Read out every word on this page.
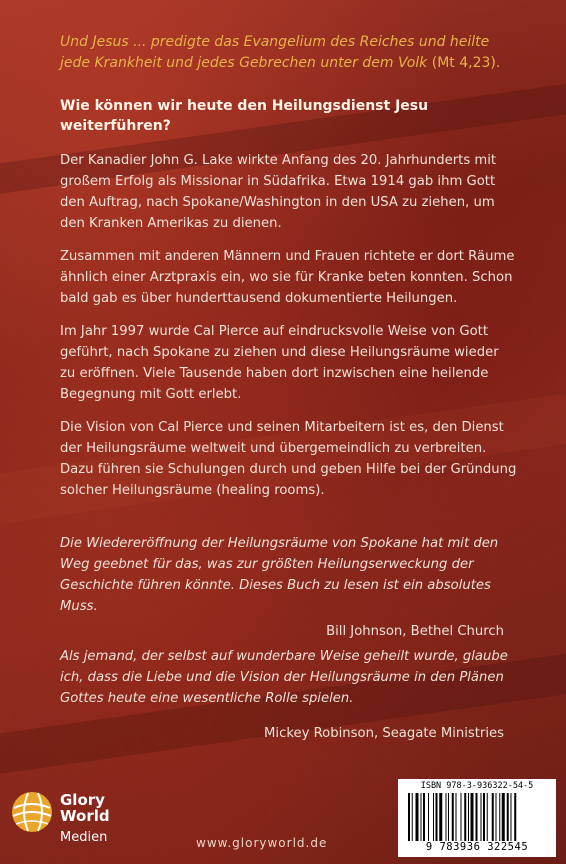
Und Jesus ... predigte das Evangelium des Reiches und heilte
jede Krankheit und jedes Gebrechen unter dem Volk (Mt 4,23).

Wie können wir heute den Heilungsdienst Jesu weiterführen?

Der Kanadier John G. Lake wirkte Anfang des 20. Jahrhunderts mit großem Erfolg als Missionar in Südafrika. Etwa 1914 gab ihm Gott den Auftrag, nach Spokane/Washington in den USA zu ziehen, um den Kranken Amerikas zu dienen.

Zusammen mit anderen Männern und Frauen richtete er dort Räume ähnlich einer Arztpraxis ein, wo sie für Kranke beten konnten. Schon bald gab es über hunderttausend dokumentierte Heilungen.

Im Jahr 1997 wurde Cal Pierce auf eindrucksvolle Weise von Gott geführt, nach Spokane zu ziehen und diese Heilungsräume wieder zu eröffnen. Viele Tausende haben dort inzwischen eine heilende Begegnung mit Gott erlebt.

Die Vision von Cal Pierce und seinen Mitarbeitern ist es, den Dienst der Heilungsräume weltweit und übergemeindlich zu verbreiten. Dazu führen sie Schulungen durch und geben Hilfe bei der Gründung solcher Heilungsräume (healing rooms).

Die Wiedereröffnung der Heilungsräume von Spokane hat mit den Weg geebnet für das, was zur größten Heilungserweckung der Geschichte führen könnte. Dieses Buch zu lesen ist ein absolutes Muss.

Bill Johnson, Bethel Church

Als jemand, der selbst auf wunderbare Weise geheilt wurde, glaube ich, dass die Liebe und die Vision der Heilungsräume in den Plänen Gottes heute eine wesentliche Rolle spielen.

Mickey Robinson, Seagate Ministries

Glory
World
Medien	www.gloryworld.de
ISBN 978-3-936322-54-5
9 783936 322545
